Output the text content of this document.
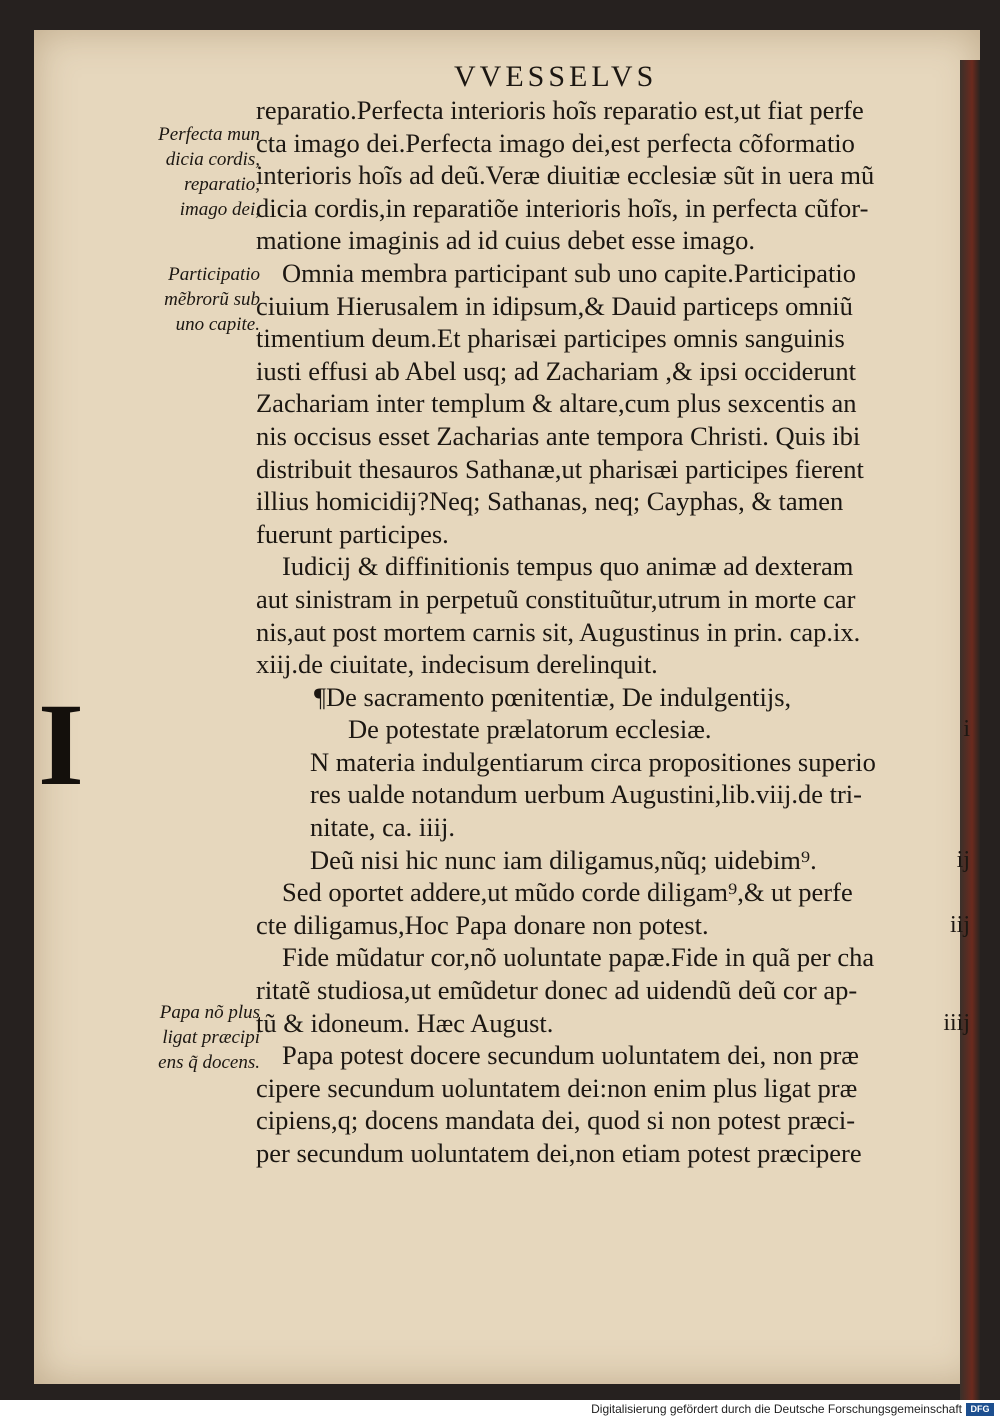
VVESSELVS
Perfecta mun
dicia cordis,
reparatio,
imago dei,
Participatio
mẽbrorũ sub
uno capite.
Papa nõ plus
ligat præcipi
ens q̃ docens.
I
reparatio.Perfecta interioris hoĩs reparatio est,ut fiat perfe
cta imago dei.Perfecta imago dei,est perfecta cõformatio
interioris hoĩs ad deũ.Veræ diuitiæ ecclesiæ sũt in uera mũ
dicia cordis,in reparatiõe interioris hoĩs, in perfecta cũfor-
matione imaginis ad id cuius debet esse imago.
Omnia membra participant sub uno capite.Participatio
ciuium Hierusalem in idipsum,& Dauid particeps omniũ
timentium deum.Et pharisæi participes omnis sanguinis
iusti effusi ab Abel usq; ad Zachariam ,& ipsi occiderunt
Zachariam inter templum & altare,cum plus sexcentis an
nis occisus esset Zacharias ante tempora Christi. Quis ibi
distribuit thesauros Sathanæ,ut pharisæi participes fierent
illius homicidij?Neq; Sathanas, neq; Cayphas, & tamen
fuerunt participes.
Iudicij & diffinitionis tempus quo animæ ad dexteram
aut sinistram in perpetuũ constituũtur,utrum in morte car
nis,aut post mortem carnis sit, Augustinus in prin. cap.ix.
xiij.de ciuitate, indecisum derelinquit.
¶De sacramento pœnitentiæ, De indulgentijs,
De potestate prælatorum ecclesiæ.	i
N materia indulgentiarum circa propositiones superio
res ualde notandum uerbum Augustini,lib.viij.de tri-
nitate, ca. iiij.
Deũ nisi hic nunc iam diligamus,nũq; uidebim⁹.	ij
Sed oportet addere,ut mũdo corde diligam⁹,& ut perfe
cte diligamus,Hoc Papa donare non potest.	iij
Fide mũdatur cor,nõ uoluntate papæ.Fide in quã per cha
ritatẽ studiosa,ut emũdetur donec ad uidendũ deũ cor ap-
tũ & idoneum. Hæc August.	iiij
Papa potest docere secundum uoluntatem dei, non præ
cipere secundum uoluntatem dei:non enim plus ligat præ
cipiens,q; docens mandata dei, quod si non potest præci-
per secundum uoluntatem dei,non etiam potest præcipere
Digitalisierung gefördert durch die Deutsche Forschungsgemeinschaft DFG
